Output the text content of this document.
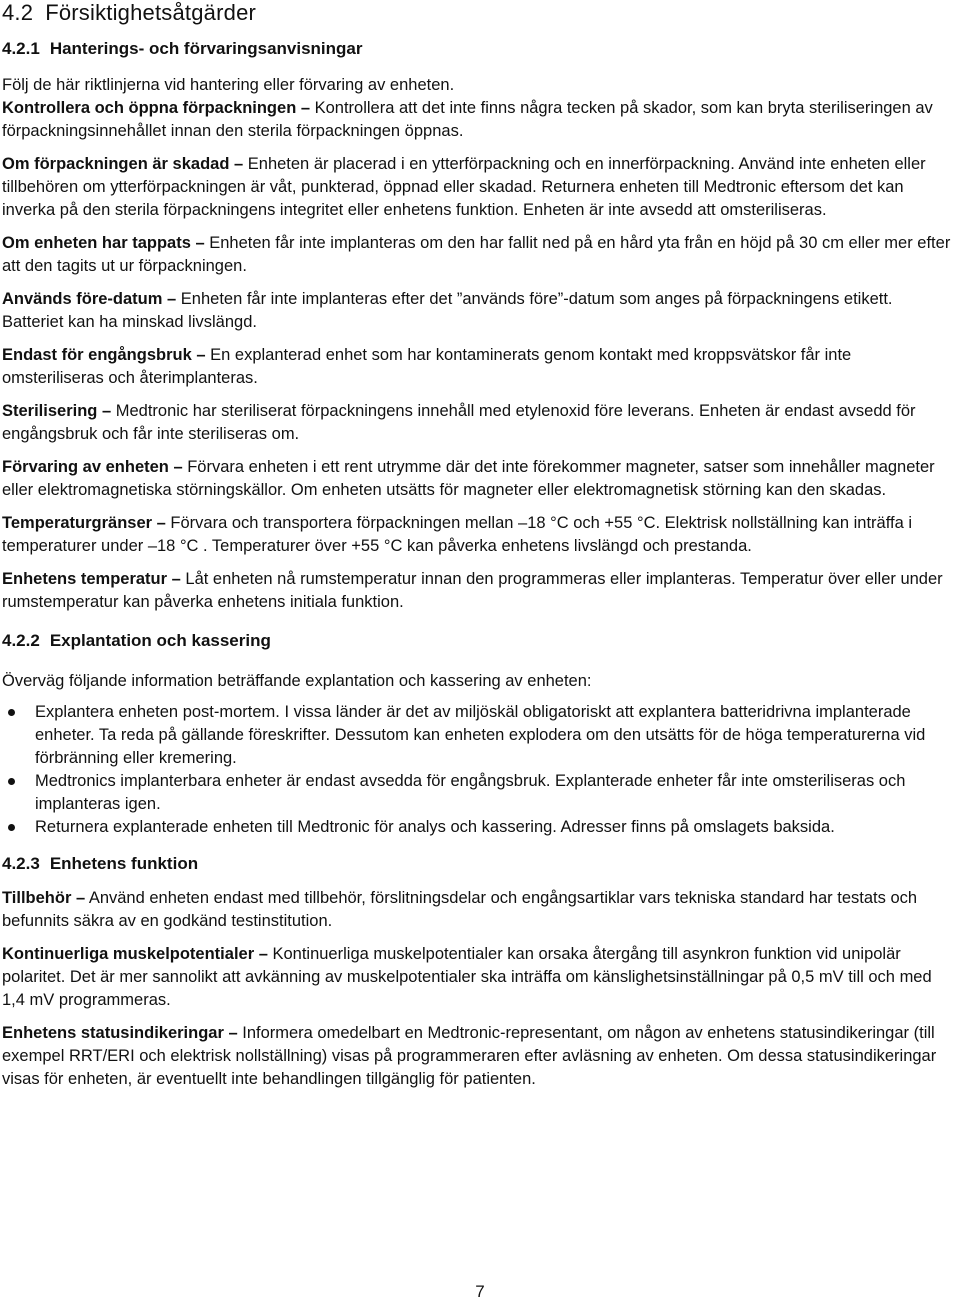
4.2 Försiktighetsåtgärder
4.2.1 Hanterings- och förvaringsanvisningar

Följ de här riktlinjerna vid hantering eller förvaring av enheten.

Kontrollera och öppna förpackningen – Kontrollera att det inte finns några tecken på skador, som kan bryta steriliseringen av förpackningsinnehållet innan den sterila förpackningen öppnas.

Om förpackningen är skadad – Enheten är placerad i en ytterförpackning och en innerförpackning. Använd inte enheten eller tillbehören om ytterförpackningen är våt, punkterad, öppnad eller skadad. Returnera enheten till Medtronic eftersom det kan inverka på den sterila förpackningens integritet eller enhetens funktion. Enheten är inte avsedd att omsteriliseras.

Om enheten har tappats – Enheten får inte implanteras om den har fallit ned på en hård yta från en höjd på 30 cm eller mer efter att den tagits ut ur förpackningen.

Används före-datum – Enheten får inte implanteras efter det ”används före”-datum som anges på förpackningens etikett. Batteriet kan ha minskad livslängd.

Endast för engångsbruk – En explanterad enhet som har kontaminerats genom kontakt med kroppsvätskor får inte omsteriliseras och återimplanteras.

Sterilisering – Medtronic har steriliserat förpackningens innehåll med etylenoxid före leverans. Enheten är endast avsedd för engångsbruk och får inte steriliseras om.

Förvaring av enheten – Förvara enheten i ett rent utrymme där det inte förekommer magneter, satser som innehåller magneter eller elektromagnetiska störningskällor. Om enheten utsätts för magneter eller elektromagnetisk störning kan den skadas.

Temperaturgränser – Förvara och transportera förpackningen mellan –18 °C och +55 °C. Elektrisk nollställning kan inträffa i temperaturer under –18 °C . Temperaturer över +55 °C kan påverka enhetens livslängd och prestanda.

Enhetens temperatur – Låt enheten nå rumstemperatur innan den programmeras eller implanteras. Temperatur över eller under rumstemperatur kan påverka enhetens initiala funktion.

4.2.2 Explantation och kassering

Överväg följande information beträffande explantation och kassering av enheten:

Explantera enheten post-mortem. I vissa länder är det av miljöskäl obligatoriskt att explantera batteridrivna implanterade enheter. Ta reda på gällande föreskrifter. Dessutom kan enheten explodera om den utsätts för de höga temperaturerna vid förbränning eller kremering.
Medtronics implanterbara enheter är endast avsedda för engångsbruk. Explanterade enheter får inte omsteriliseras och implanteras igen.
Returnera explanterade enheten till Medtronic för analys och kassering. Adresser finns på omslagets baksida.
4.2.3 Enhetens funktion

Tillbehör – Använd enheten endast med tillbehör, förslitningsdelar och engångsartiklar vars tekniska standard har testats och befunnits säkra av en godkänd testinstitution.

Kontinuerliga muskelpotentialer – Kontinuerliga muskelpotentialer kan orsaka återgång till asynkron funktion vid unipolär polaritet. Det är mer sannolikt att avkänning av muskelpotentialer ska inträffa om känslighetsinställningar på 0,5 mV till och med 1,4 mV programmeras.

Enhetens statusindikeringar – Informera omedelbart en Medtronic-representant, om någon av enhetens statusindikeringar (till exempel RRT/ERI och elektrisk nollställning) visas på programmeraren efter avläsning av enheten. Om dessa statusindikeringar visas för enheten, är eventuellt inte behandlingen tillgänglig för patienten.

7
